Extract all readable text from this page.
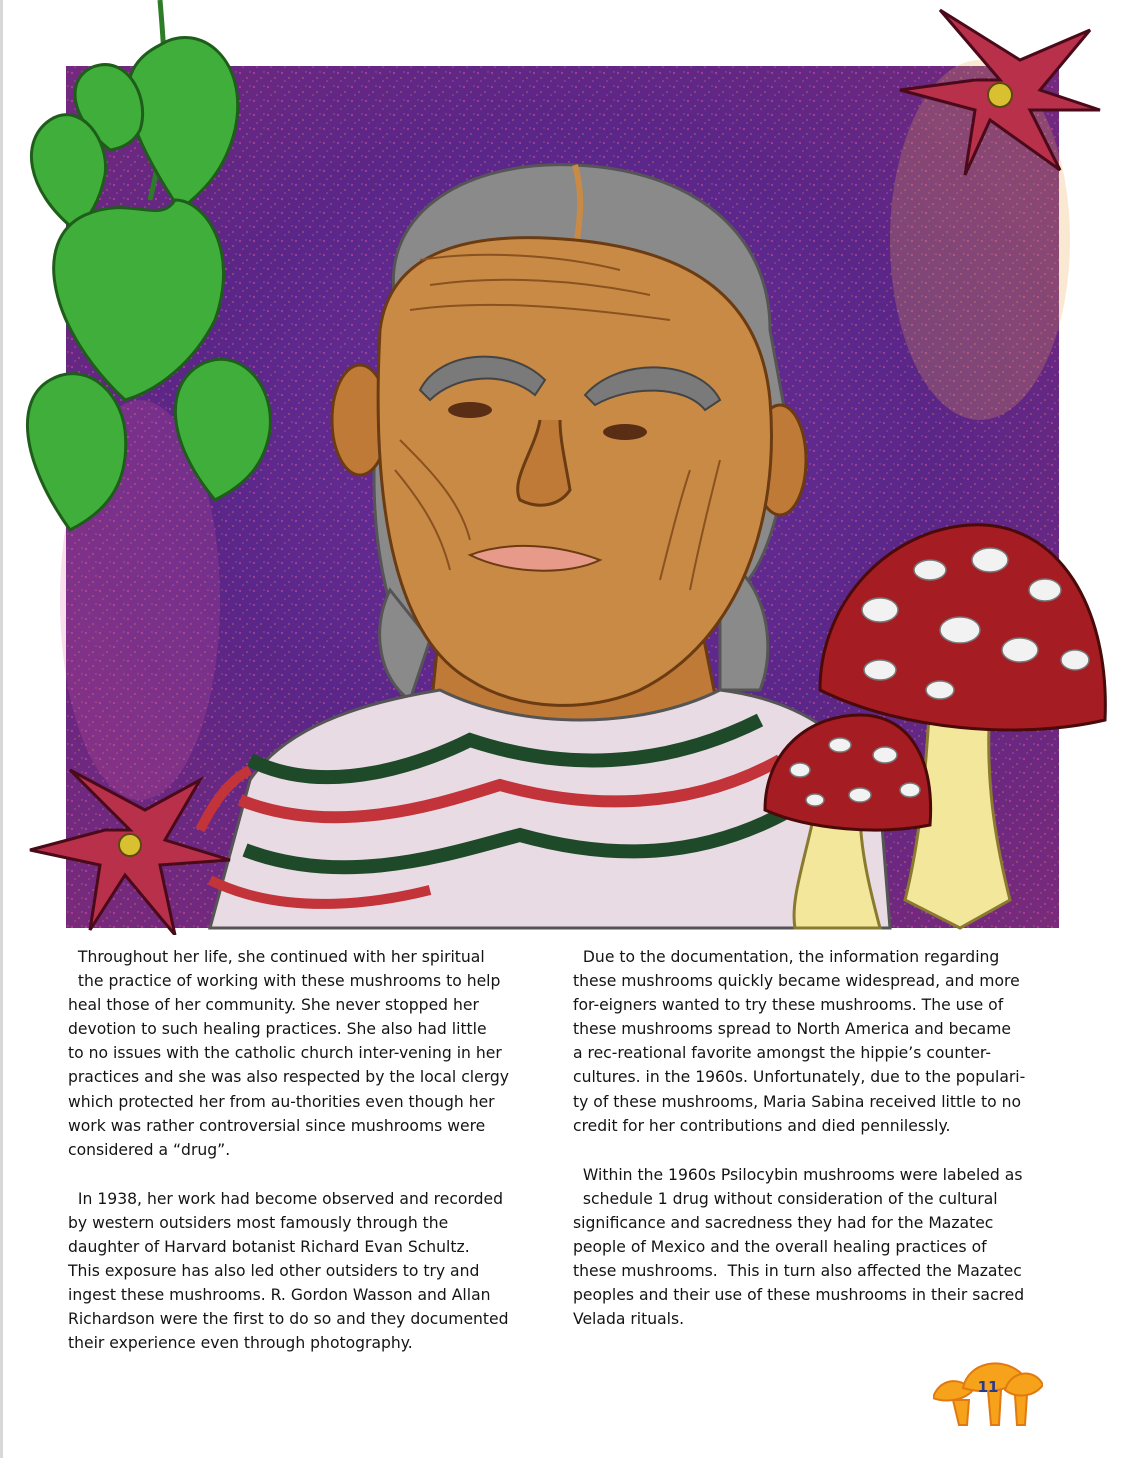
Throughout her life, she continued with her spiritual
the practice of working with these mushrooms to help
heal those of her community. She never stopped her
devotion to such healing practices. She also had little
to no issues with the catholic church inter-vening in her
practices and she was also respected by the local clergy
which protected her from au-thorities even though her
work was rather controversial since mushrooms were
considered a “drug”.

In 1938, her work had become observed and recorded
by western outsiders most famously through the
daughter of Harvard botanist Richard Evan Schultz.
This exposure has also led other outsiders to try and
ingest these mushrooms. R. Gordon Wasson and Allan
Richardson were the first to do so and they documented
their experience even through photography.

Due to the documentation, the information regarding
these mushrooms quickly became widespread, and more
for-eigners wanted to try these mushrooms. The use of
these mushrooms spread to North America and became
a rec-reational favorite amongst the hippie’s counter-
cultures. in the 1960s. Unfortunately, due to the populari-
ty of these mushrooms, Maria Sabina received little to no
credit for her contributions and died pennilessly.

Within the 1960s Psilocybin mushrooms were labeled as
schedule 1 drug without consideration of the cultural
significance and sacredness they had for the Mazatec
people of Mexico and the overall healing practices of
these mushrooms.  This in turn also affected the Mazatec
peoples and their use of these mushrooms in their sacred
Velada rituals.

11
